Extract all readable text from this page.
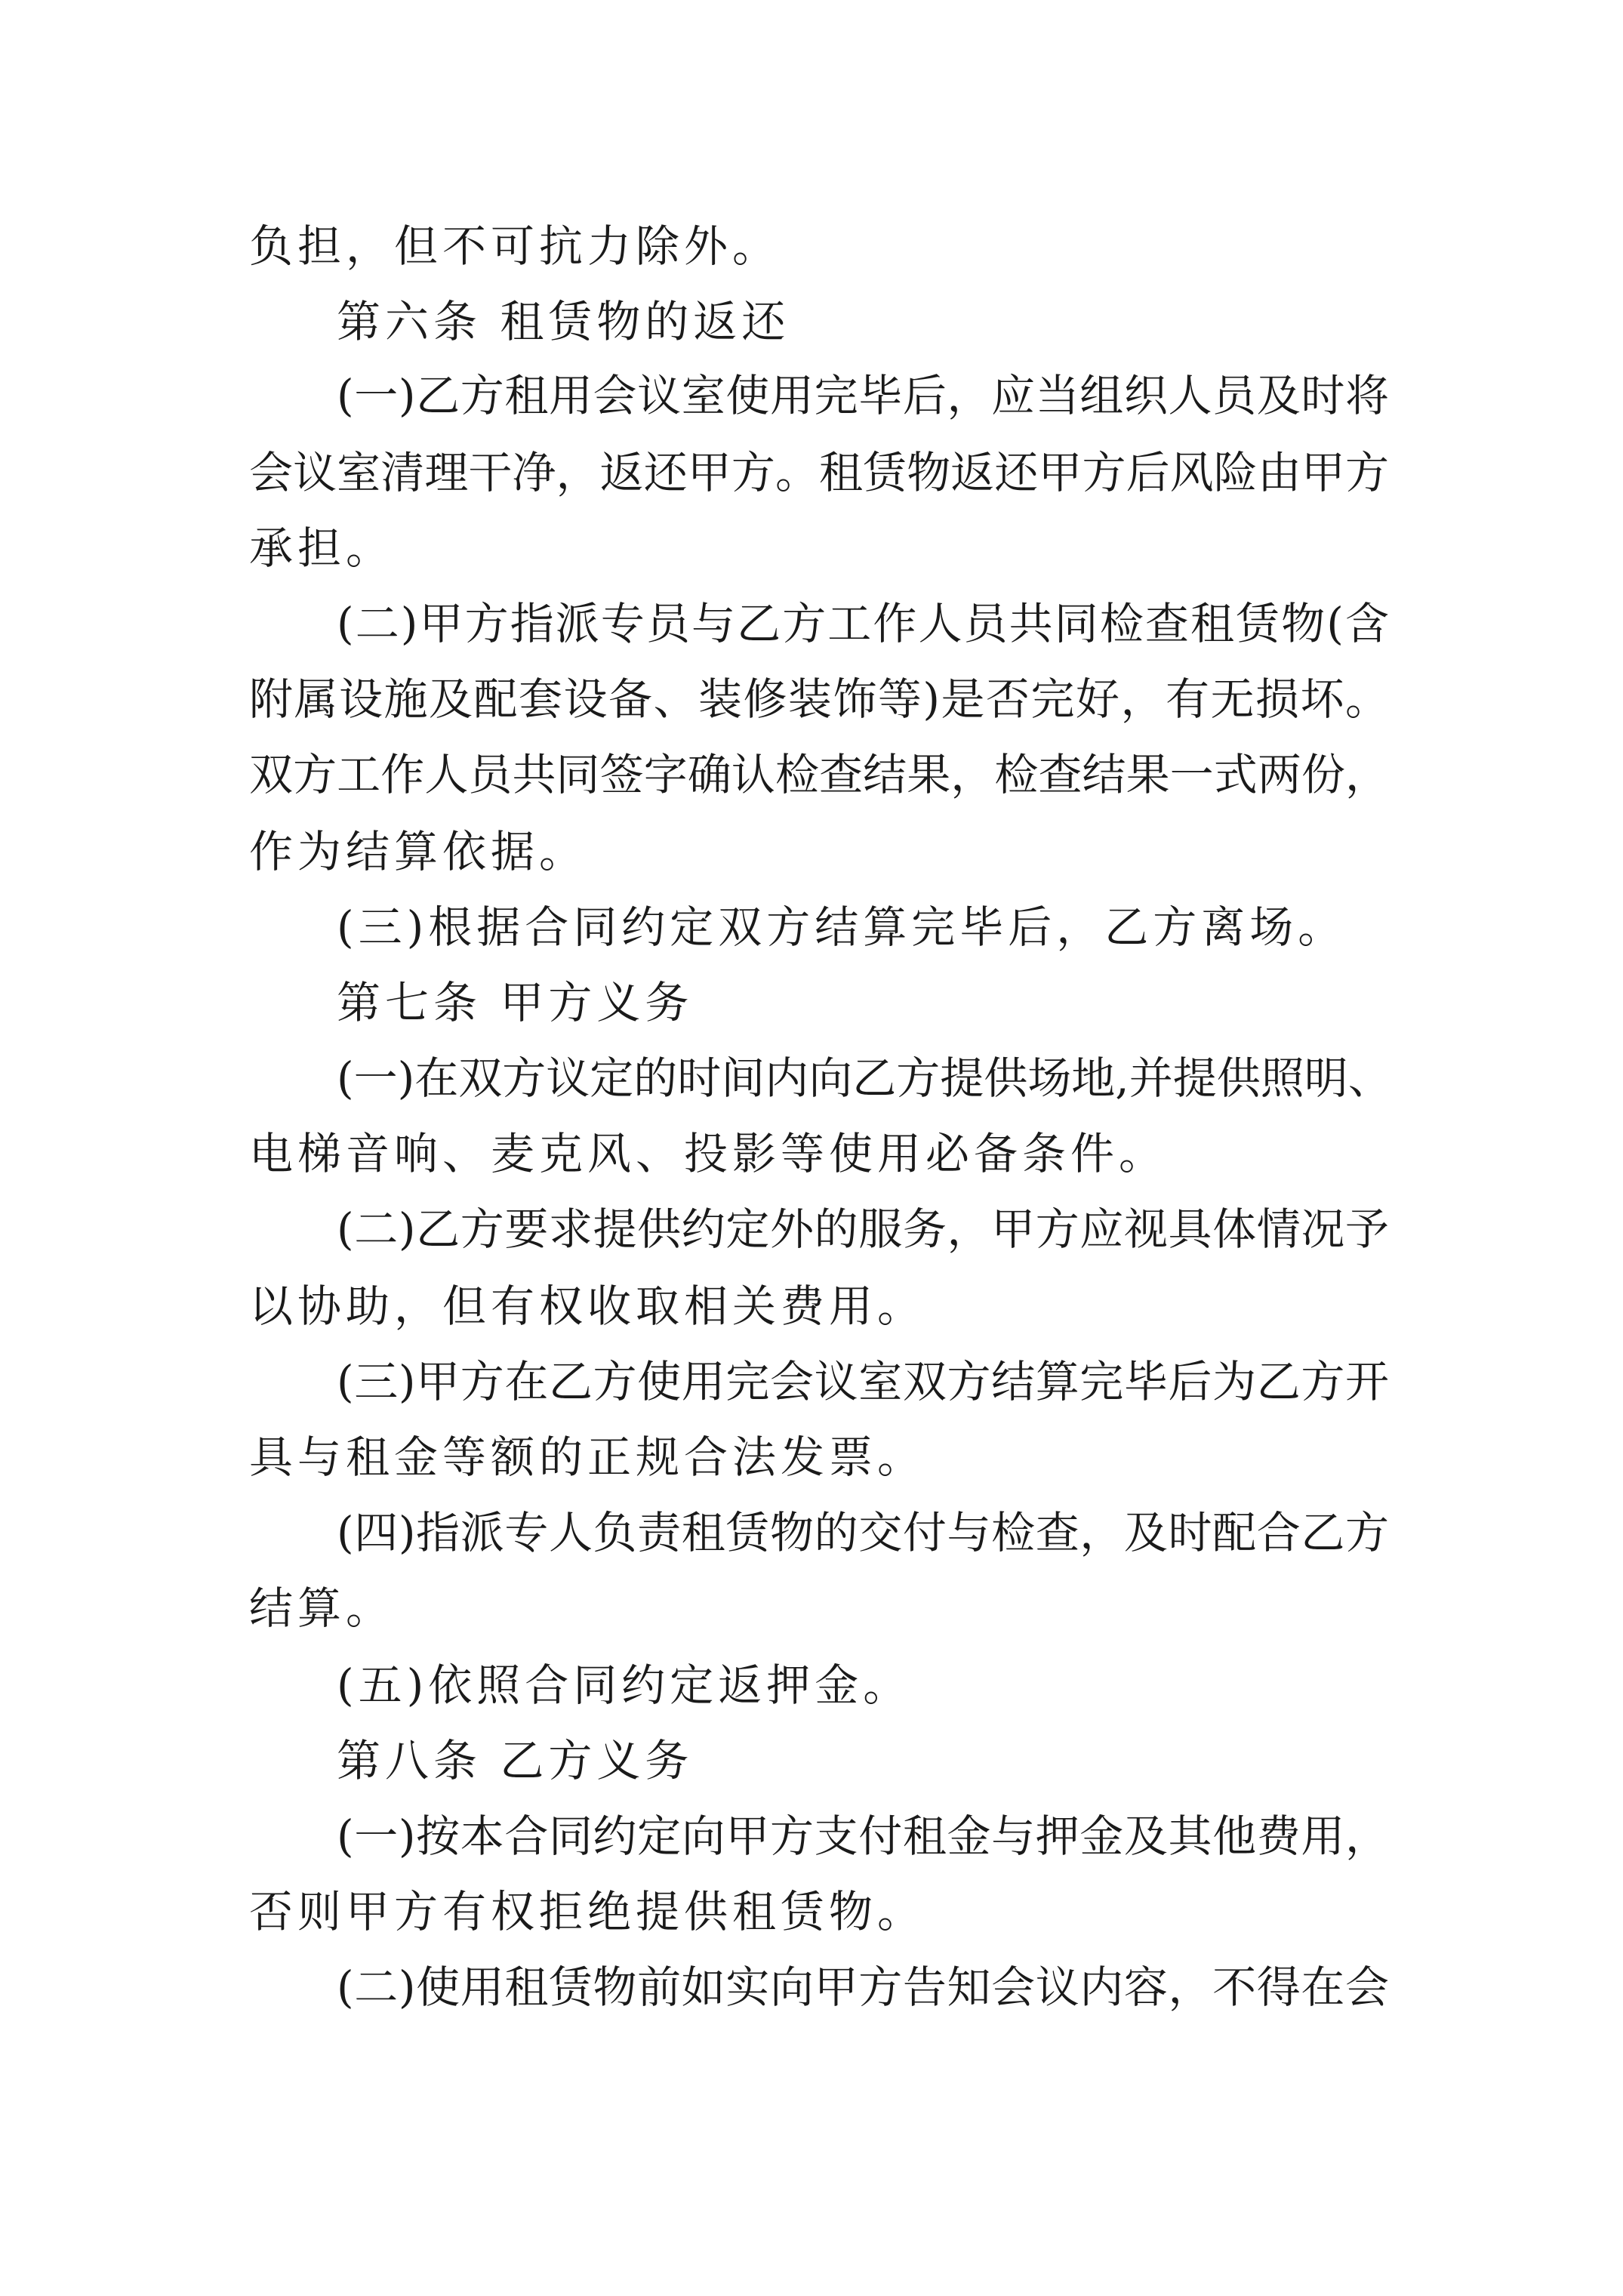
负担，但不可抗力除外。
第六条 租赁物的返还
(一)乙方租用会议室使用完毕后，应当组织人员及时将
会议室清理干净，返还甲方。租赁物返还甲方后风险由甲方
承担。
(二)甲方指派专员与乙方工作人员共同检查租赁物(含
附属设施及配套设备、装修装饰等)是否完好，有无损坏。
双方工作人员共同签字确认检查结果，检查结果一式两份，
作为结算依据。
(三)根据合同约定双方结算完毕后，乙方离场。
第七条 甲方义务
(一)在双方议定的时间内向乙方提供场地,并提供照明、
电梯音响、麦克风、投影等使用必备条件。
(二)乙方要求提供约定外的服务，甲方应视具体情况予
以协助，但有权收取相关费用。
(三)甲方在乙方使用完会议室双方结算完毕后为乙方开
具与租金等额的正规合法发票。
(四)指派专人负责租赁物的交付与检查，及时配合乙方
结算。
(五)依照合同约定返押金。
第八条 乙方义务
(一)按本合同约定向甲方支付租金与押金及其他费用，
否则甲方有权拒绝提供租赁物。
(二)使用租赁物前如实向甲方告知会议内容，不得在会
